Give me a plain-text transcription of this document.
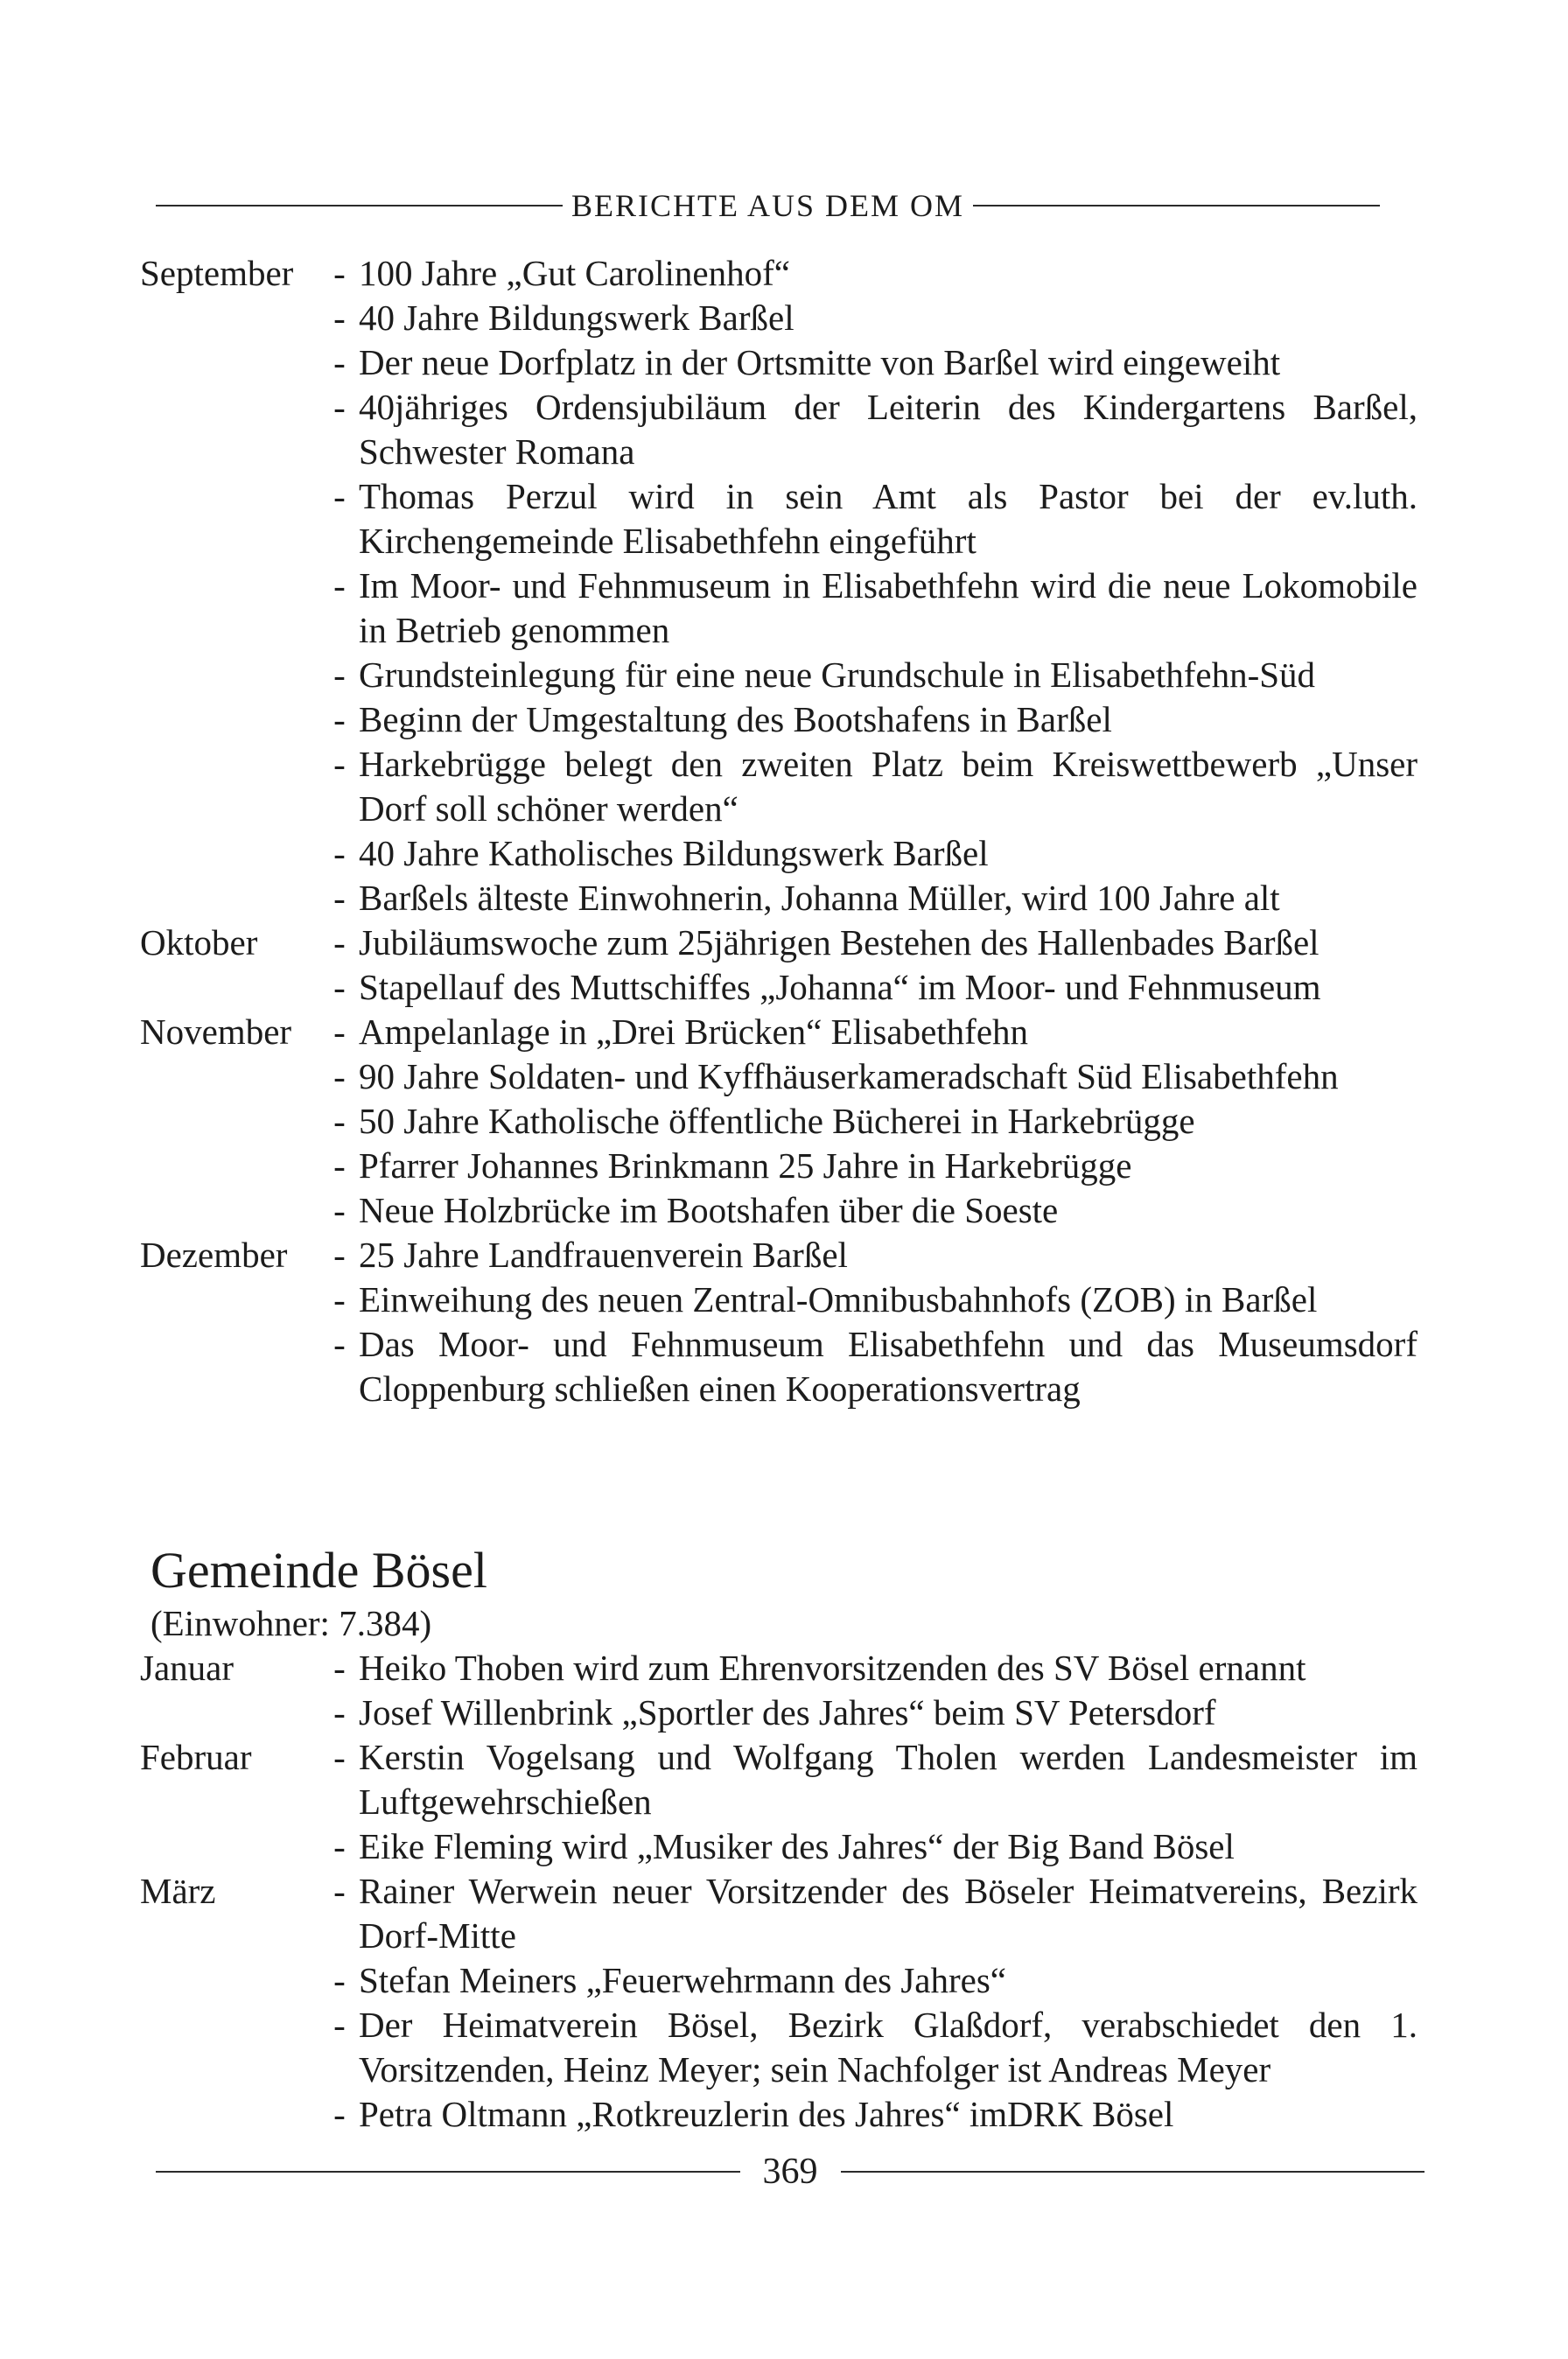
BERICHTE AUS DEM OM
September	- 100 Jahre „Gut Carolinenhof“
- 40 Jahre Bildungswerk Barßel
- Der neue Dorfplatz in der Ortsmitte von Barßel wird eingeweiht
- 40jähriges Ordensjubiläum der Leiterin des Kindergartens Barßel, Schwester Romana
- Thomas Perzul wird in sein Amt als Pastor bei der ev.luth. Kirchengemeinde Elisabethfehn eingeführt
- Im Moor- und Fehnmuseum in Elisabethfehn wird die neue Lokomobile in Betrieb genommen
- Grundsteinlegung für eine neue Grundschule in Elisabethfehn-Süd
- Beginn der Umgestaltung des Bootshafens in Barßel
- Harkebrügge belegt den zweiten Platz beim Kreiswettbewerb „Unser Dorf soll schöner werden“
- 40 Jahre Katholisches Bildungswerk Barßel
- Barßels älteste Einwohnerin, Johanna Müller, wird 100 Jahre alt
Oktober	- Jubiläumswoche zum 25jährigen Bestehen des Hallenbades Barßel
- Stapellauf des Muttschiffes „Johanna“ im Moor- und Fehnmuseum
November	- Ampelanlage in „Drei Brücken“ Elisabethfehn
- 90 Jahre Soldaten- und Kyffhäuserkameradschaft Süd Elisabethfehn
- 50 Jahre Katholische öffentliche Bücherei in Harkebrügge
- Pfarrer Johannes Brinkmann 25 Jahre in Harkebrügge
- Neue Holzbrücke im Bootshafen über die Soeste
Dezember	- 25 Jahre Landfrauenverein Barßel
- Einweihung des neuen Zentral-Omnibusbahnhofs (ZOB) in Barßel
- Das Moor- und Fehnmuseum Elisabethfehn und das Museumsdorf Cloppenburg schließen einen Kooperationsvertrag
Gemeinde Bösel
(Einwohner: 7.384)
Januar	- Heiko Thoben wird zum Ehrenvorsitzenden des SV Bösel ernannt
- Josef Willenbrink „Sportler des Jahres“ beim SV Petersdorf
Februar	- Kerstin Vogelsang und Wolfgang Tholen werden Landesmeister im Luftgewehrschießen
- Eike Fleming wird „Musiker des Jahres“ der Big Band Bösel
März	- Rainer Werwein neuer Vorsitzender des Böseler Heimatvereins, Bezirk Dorf-Mitte
- Stefan Meiners „Feuerwehrmann des Jahres“
- Der Heimatverein Bösel, Bezirk Glaßdorf, verabschiedet den 1. Vorsitzenden, Heinz Meyer; sein Nachfolger ist Andreas Meyer
- Petra Oltmann „Rotkreuzlerin des Jahres“ imDRK Bösel
369
